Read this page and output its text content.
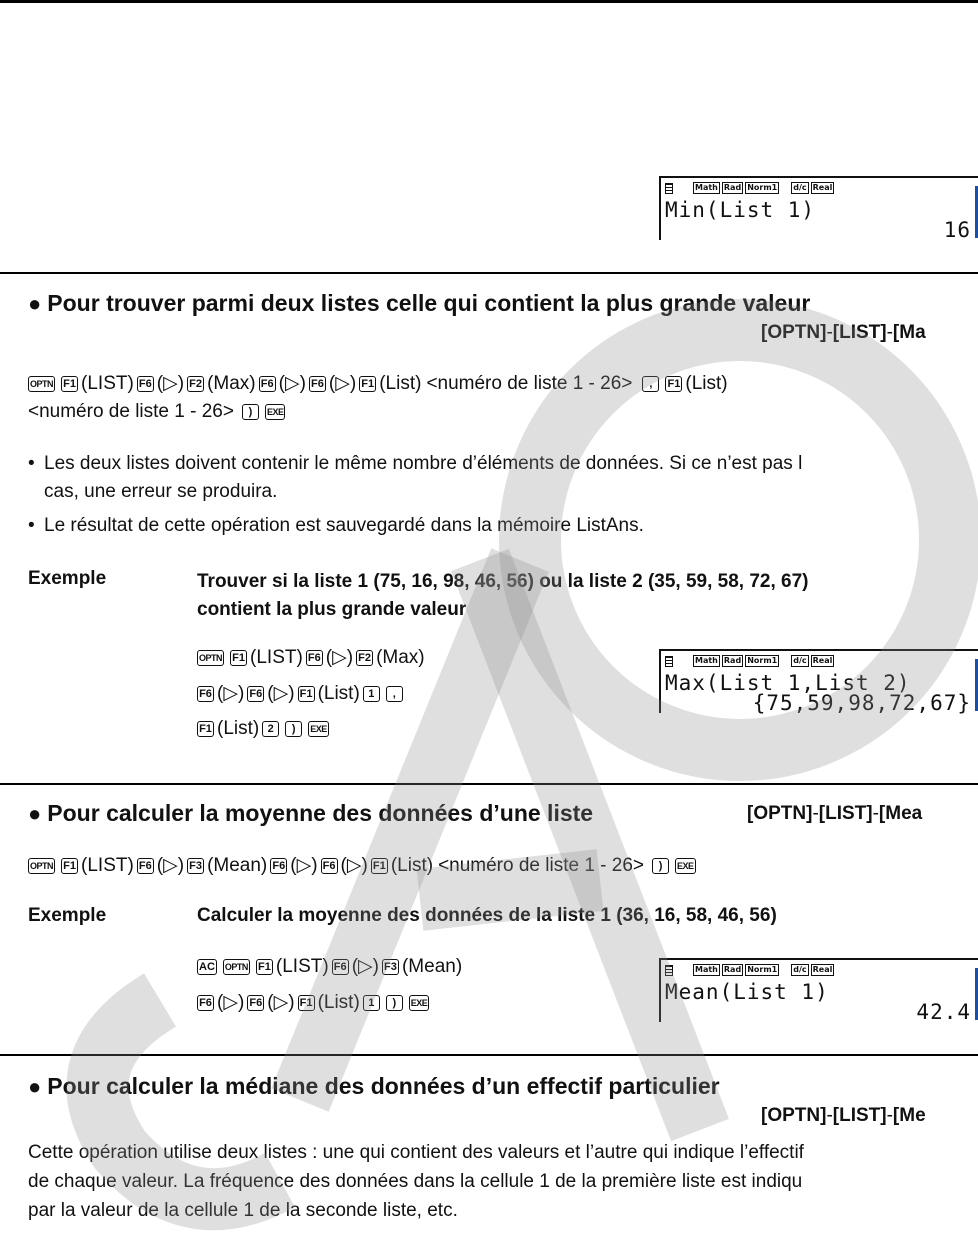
Math Rad Norm1 d/c Real
Min(List 1)
16
● Pour trouver parmi deux listes celle qui contient la plus grande valeur
[OPTN]-[LIST]-[Ma
OPTN F1 (LIST) F6 (▷) F2 (Max) F6 (▷) F6 (▷) F1 (List) <numéro de liste 1 - 26>	,	F1 (List)
<numéro de liste 1 - 26>	)	EXE
• Les deux listes doivent contenir le même nombre d’éléments de données. Si ce n’est pas l
cas, une erreur se produira.
• Le résultat de cette opération est sauvegardé dans la mémoire ListAns.
Exemple	Trouver si la liste 1 (75, 16, 98, 46, 56) ou la liste 2 (35, 59, 58, 72, 67)
contient la plus grande valeur
OPTN F1 (LIST) F6 (▷) F2 (Max)
F6 (▷) F6 (▷) F1 (List) 1	,
F1 (List) 2	)	EXE
Math Rad Norm1 d/c Real
Max(List 1,List 2)
{75,59,98,72,67}
● Pour calculer la moyenne des données d’une liste	[OPTN]-[LIST]-[Mea
OPTN F1 (LIST) F6 (▷) F3 (Mean) F6 (▷) F6 (▷) F1 (List) <numéro de liste 1 - 26>	)	EXE
Exemple	Calculer la moyenne des données de la liste 1 (36, 16, 58, 46, 56)
AC OPTN F1 (LIST) F6 (▷) F3 (Mean)
F6 (▷) F6 (▷) F1 (List) 1	)	EXE
Math Rad Norm1 d/c Real
Mean(List 1)
42.4
● Pour calculer la médiane des données d’un effectif particulier
[OPTN]-[LIST]-[Me
Cette opération utilise deux listes : une qui contient des valeurs et l’autre qui indique l’effectif
de chaque valeur. La fréquence des données dans la cellule 1 de la première liste est indiqu
par la valeur de la cellule 1 de la seconde liste, etc.
